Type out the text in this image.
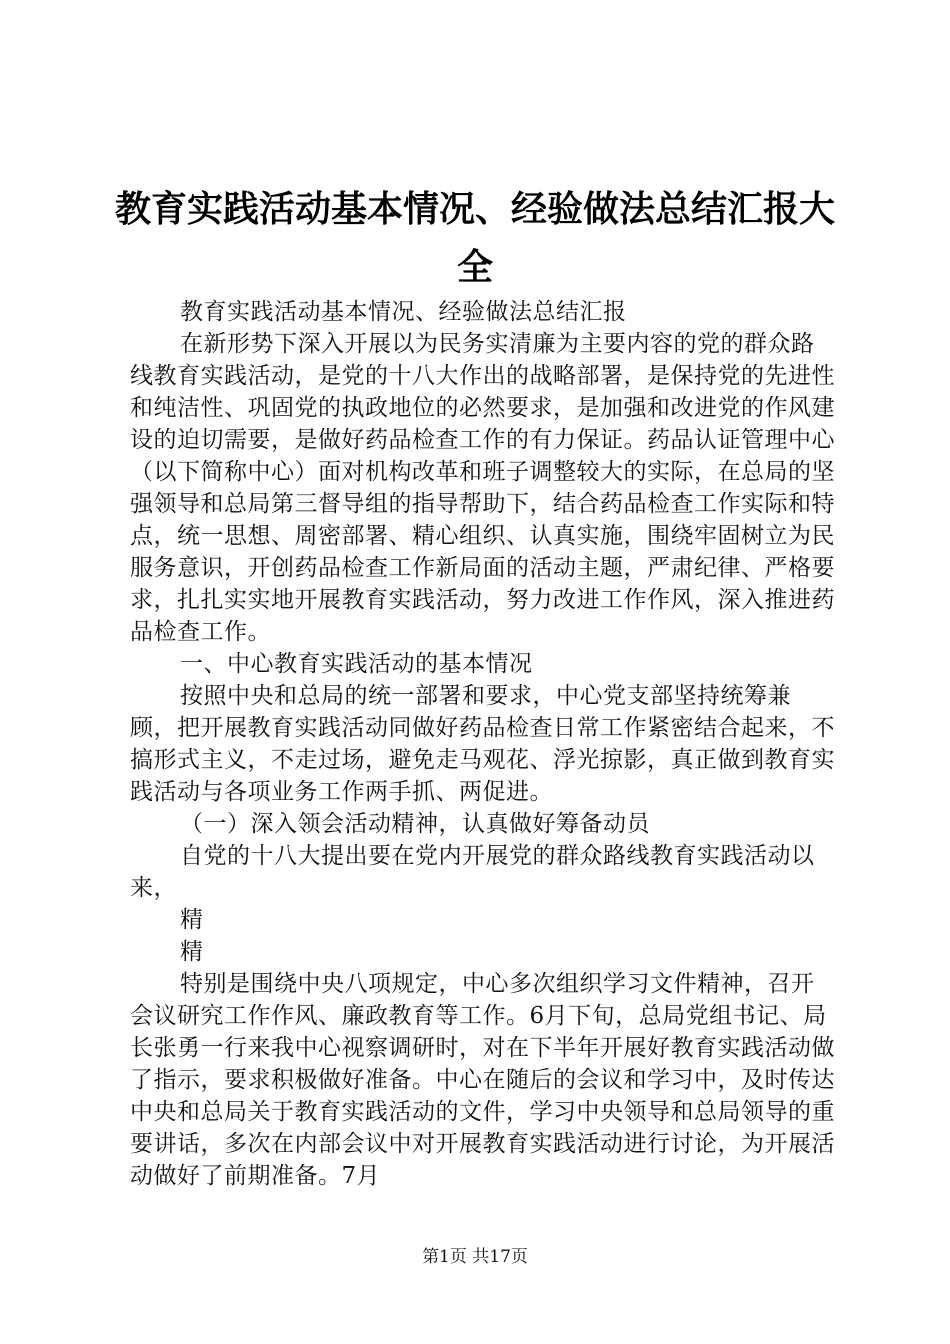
教育实践活动基本情况、经验做法总结汇报大全

教育实践活动基本情况、经验做法总结汇报

在新形势下深入开展以为民务实清廉为主要内容的党的群众路线教育实践活动，是党的十八大作出的战略部署，是保持党的先进性和纯洁性、巩固党的执政地位的必然要求，是加强和改进党的作风建设的迫切需要，是做好药品检查工作的有力保证。药品认证管理中心（以下简称中心）面对机构改革和班子调整较大的实际，在总局的坚强领导和总局第三督导组的指导帮助下，结合药品检查工作实际和特点，统一思想、周密部署、精心组织、认真实施，围绕牢固树立为民服务意识，开创药品检查工作新局面的活动主题，严肃纪律、严格要求，扎扎实实地开展教育实践活动，努力改进工作作风，深入推进药品检查工作。

一、中心教育实践活动的基本情况

按照中央和总局的统一部署和要求，中心党支部坚持统筹兼顾，把开展教育实践活动同做好药品检查日常工作紧密结合起来，不搞形式主义，不走过场，避免走马观花、浮光掠影，真正做到教育实践活动与各项业务工作两手抓、两促进。

（一）深入领会活动精神，认真做好筹备动员

自党的十八大提出要在党内开展党的群众路线教育实践活动以来，

精

精

特别是围绕中央八项规定，中心多次组织学习文件精神，召开会议研究工作作风、廉政教育等工作。6月下旬，总局党组书记、局长张勇一行来我中心视察调研时，对在下半年开展好教育实践活动做了指示，要求积极做好准备。中心在随后的会议和学习中，及时传达中央和总局关于教育实践活动的文件，学习中央领导和总局领导的重要讲话，多次在内部会议中对开展教育实践活动进行讨论，为开展活动做好了前期准备。7月

第1页 共17页
